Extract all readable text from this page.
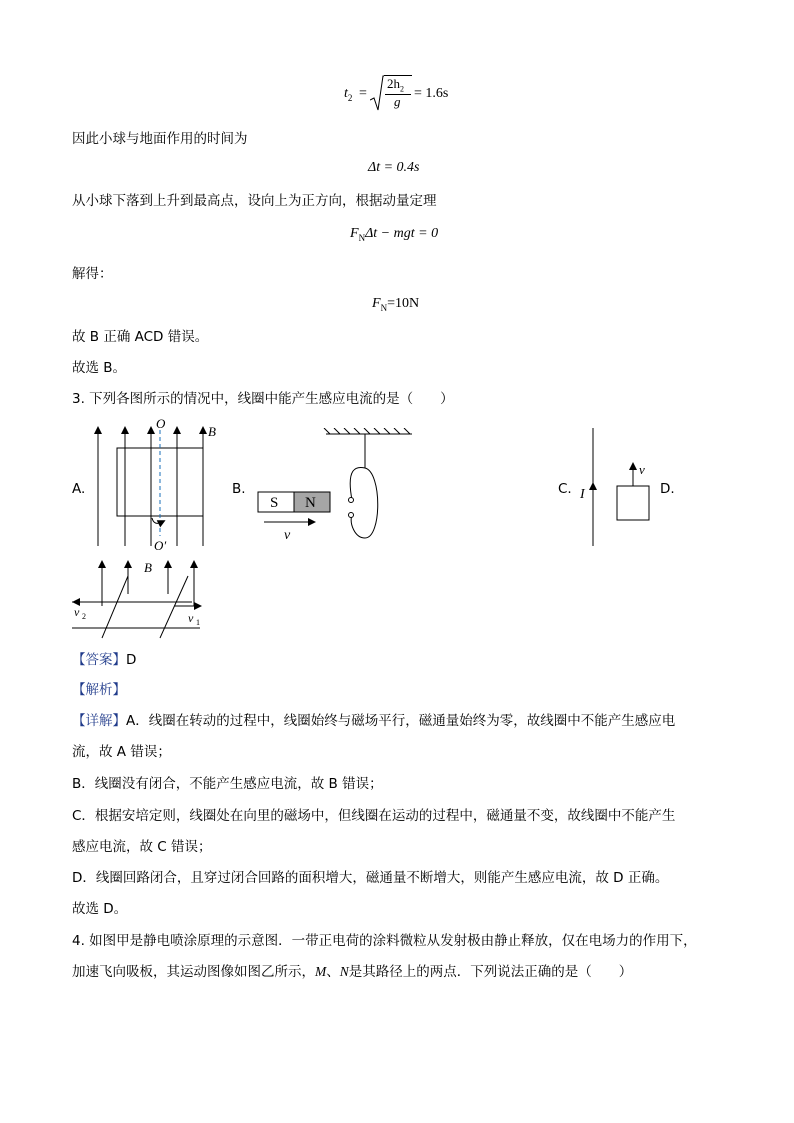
$t_2$ =
$2h_2$
g
= 1.6s
因此小球与地面作用的时间为
Δt = 0.4s
从小球下落到上升到最高点，设向上为正方向，根据动量定理
$F_N\Delta t$ − mgt = 0
解得：
$F_N=10N$
故 B 正确 ACD 错误。
故选 B。
3. 下列各图所示的情况中，线圈中能产生感应电流的是（　　）
A.
O
B
O′
B.
S N
v
C. I
v
D.
B
v 2	v 1
【答案】D
【解析】
【详解】A．线圈在转动的过程中，线圈始终与磁场平行，磁通量始终为零，故线圈中不能产生感应电
流，故 A 错误；
B．线圈没有闭合，不能产生感应电流，故 B 错误；
C．根据安培定则，线圈处在向里的磁场中，但线圈在运动的过程中，磁通量不变，故线圈中不能产生
感应电流，故 C 错误；
D．线圈回路闭合，且穿过闭合回路的面积增大，磁通量不断增大，则能产生感应电流，故 D 正确。
故选 D。
4. 如图甲是静电喷涂原理的示意图．一带正电荷的涂料微粒从发射极由静止释放，仅在电场力的作用下，
加速飞向吸板，其运动图像如图乙所示，M、N是其路径上的两点．下列说法正确的是（　　）
